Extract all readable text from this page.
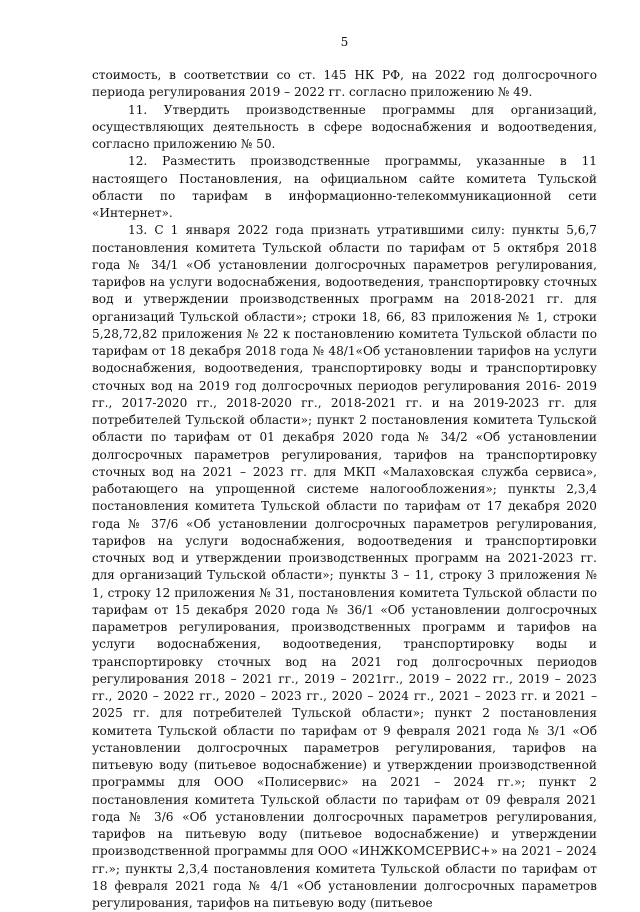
5

стоимость, в соответствии со ст. 145 НК РФ, на 2022 год долгосрочного периода регулирования 2019 – 2022 гг. согласно приложению № 49.

11. Утвердить производственные программы для организаций, осуществляющих деятельность в сфере водоснабжения и водоотведения, согласно приложению № 50.

12. Разместить производственные программы, указанные в 11 настоящего Постановления, на официальном сайте комитета Тульской области по тарифам в информационно-телекоммуникационной сети «Интернет».

13. С 1 января 2022 года признать утратившими силу: пункты 5,6,7 постановления комитета Тульской области по тарифам от 5 октября 2018 года № 34/1 «Об установлении долгосрочных параметров регулирования, тарифов на услуги водоснабжения, водоотведения, транспортировку сточных вод и утверждении производственных программ на 2018-2021 гг. для организаций Тульской области»; строки 18, 66, 83 приложения № 1, строки 5,28,72,82 приложения № 22 к постановлению комитета Тульской области по тарифам от 18 декабря 2018 года № 48/1«Об установлении тарифов на услуги водоснабжения, водоотведения, транспортировку воды и транспортировку сточных вод на 2019 год долгосрочных периодов регулирования 2016- 2019 гг., 2017-2020 гг., 2018-2020 гг., 2018-2021 гг. и на 2019-2023 гг. для потребителей Тульской области»; пункт 2 постановления комитета Тульской области по тарифам от 01 декабря 2020 года № 34/2 «Об установлении долгосрочных параметров регулирования, тарифов на транспортировку сточных вод на 2021 – 2023 гг. для МКП «Малаховская служба сервиса», работающего на упрощенной системе налогообложения»; пункты 2,3,4 постановления комитета Тульской области по тарифам от 17 декабря 2020 года № 37/6 «Об установлении долгосрочных параметров регулирования, тарифов на услуги водоснабжения, водоотведения и транспортировки сточных вод и утверждении производственных программ на 2021-2023 гг. для организаций Тульской области»; пункты 3 – 11, строку 3 приложения № 1, строку 12 приложения № 31, постановления комитета Тульской области по тарифам от 15 декабря 2020 года № 36/1 «Об установлении долгосрочных параметров регулирования, производственных программ и тарифов на услуги водоснабжения, водоотведения, транспортировку воды и транспортировку сточных вод на 2021 год долгосрочных периодов регулирования 2018 – 2021 гг., 2019 – 2021гг., 2019 – 2022 гг., 2019 – 2023 гг., 2020 – 2022 гг., 2020 – 2023 гг., 2020 – 2024 гг., 2021 – 2023 гг. и 2021 – 2025 гг. для потребителей Тульской области»; пункт 2 постановления комитета Тульской области по тарифам от 9 февраля 2021 года № 3/1 «Об установлении долгосрочных параметров регулирования, тарифов на питьевую воду (питьевое водоснабжение) и утверждении производственной программы для ООО «Полисервис» на 2021 – 2024 гг.»; пункт 2 постановления комитета Тульской области по тарифам от 09 февраля 2021 года № 3/6 «Об установлении долгосрочных параметров регулирования, тарифов на питьевую воду (питьевое водоснабжение) и утверждении производственной программы для ООО «ИНЖКОМСЕРВИС+» на 2021 – 2024 гг.»; пункты 2,3,4 постановления комитета Тульской области по тарифам от 18 февраля 2021 года № 4/1 «Об установлении долгосрочных параметров регулирования, тарифов на питьевую воду (питьевое
